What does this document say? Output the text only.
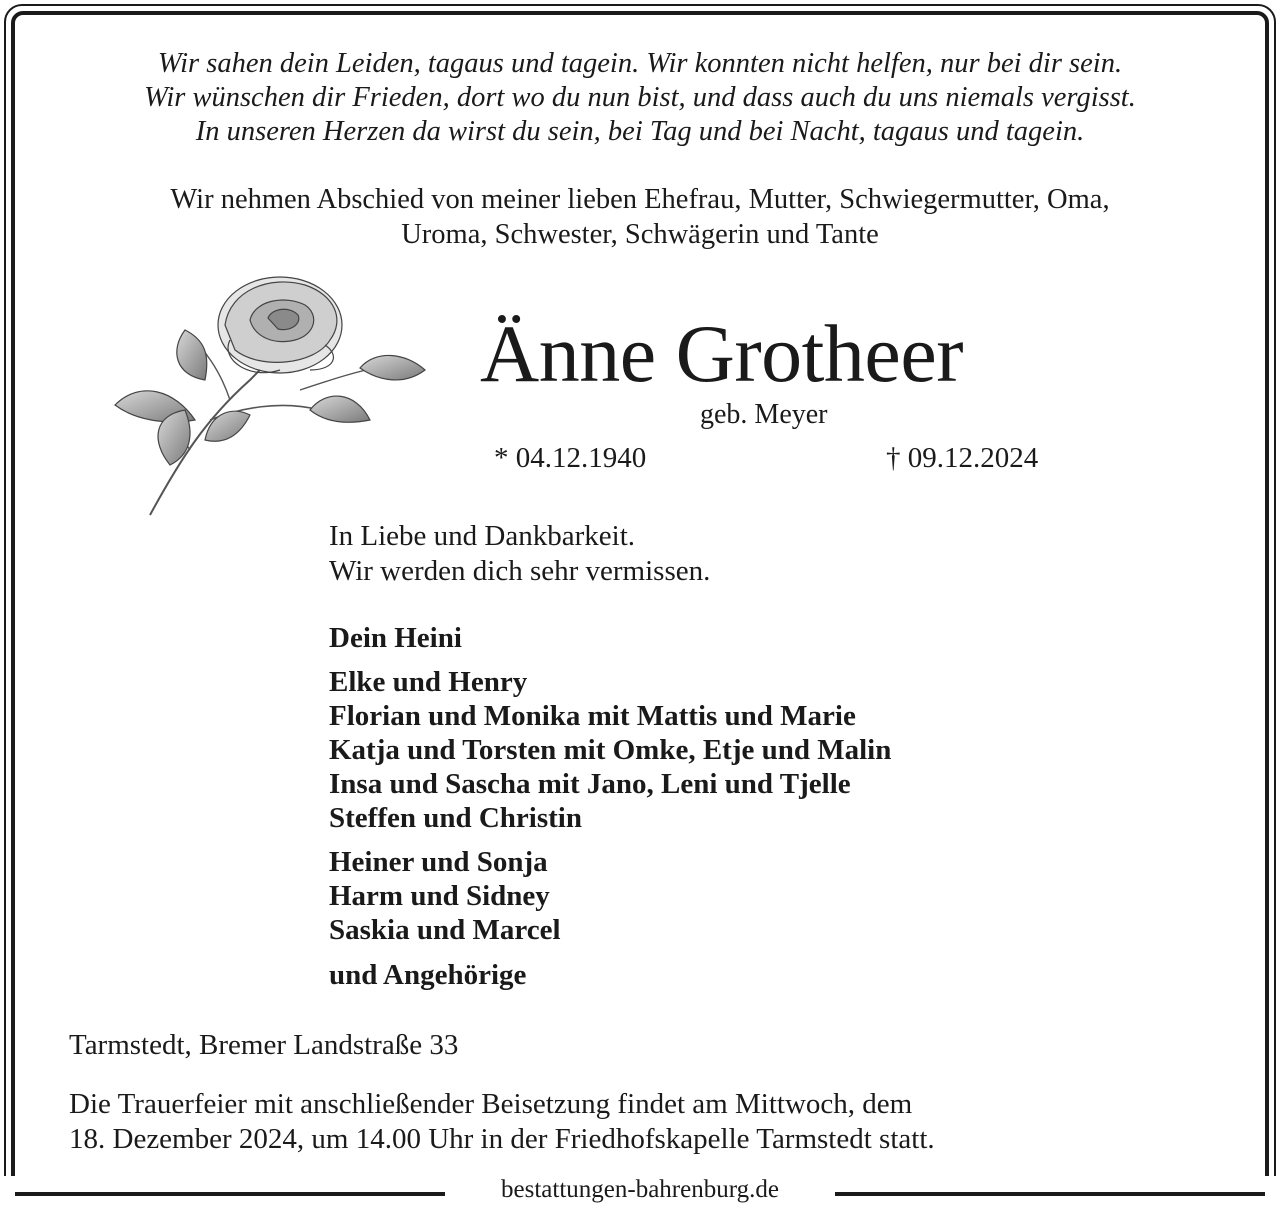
Wir sahen dein Leiden, tagaus und tagein. Wir konnten nicht helfen, nur bei dir sein.
Wir wünschen dir Frieden, dort wo du nun bist, und dass auch du uns niemals vergisst.
In unseren Herzen da wirst du sein, bei Tag und bei Nacht, tagaus und tagein.
Wir nehmen Abschied von meiner lieben Ehefrau, Mutter, Schwiegermutter, Oma,
Uroma, Schwester, Schwägerin und Tante
Änne Grotheer
geb. Meyer
* 04.12.1940	† 09.12.2024
In Liebe und Dankbarkeit.
Wir werden dich sehr vermissen.
Dein Heini
Elke und Henry
Florian und Monika mit Mattis und Marie
Katja und Torsten mit Omke, Etje und Malin
Insa und Sascha mit Jano, Leni und Tjelle
Steffen und Christin
Heiner und Sonja
Harm und Sidney
Saskia und Marcel
und Angehörige
Tarmstedt, Bremer Landstraße 33
Die Trauerfeier mit anschließender Beisetzung findet am Mittwoch, dem
18. Dezember 2024, um 14.00 Uhr in der Friedhofskapelle Tarmstedt statt.
bestattungen-bahrenburg.de
